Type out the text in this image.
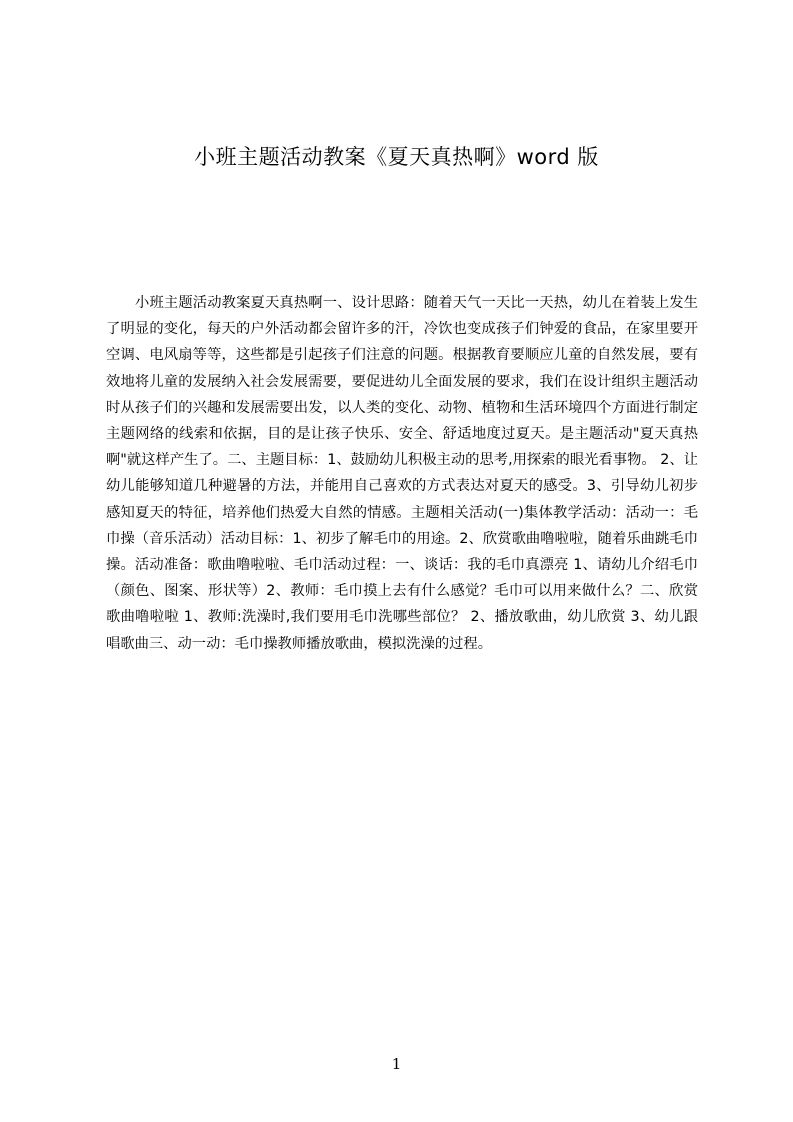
小班主题活动教案《夏天真热啊》word 版

小班主题活动教案夏天真热啊一、设计思路：随着天气一天比一天热，幼儿在着装上发生了明显的变化，每天的户外活动都会留许多的汗，冷饮也变成孩子们钟爱的食品，在家里要开空调、电风扇等等，这些都是引起孩子们注意的问题。根据教育要顺应儿童的自然发展，要有效地将儿童的发展纳入社会发展需要，要促进幼儿全面发展的要求，我们在设计组织主题活动时从孩子们的兴趣和发展需要出发，以人类的变化、动物、植物和生活环境四个方面进行制定主题网络的线索和依据，目的是让孩子快乐、安全、舒适地度过夏天。是主题活动"夏天真热啊"就这样产生了。二、主题目标：1、鼓励幼儿积极主动的思考,用探索的眼光看事物。 2、让幼儿能够知道几种避暑的方法，并能用自己喜欢的方式表达对夏天的感受。3、引导幼儿初步感知夏天的特征，培养他们热爱大自然的情感。主题相关活动(一)集体教学活动：活动一：毛巾操（音乐活动）活动目标：1、初步了解毛巾的用途。2、欣赏歌曲噜啦啦，随着乐曲跳毛巾操。活动准备：歌曲噜啦啦、毛巾活动过程：一、谈话：我的毛巾真漂亮 1、请幼儿介绍毛巾（颜色、图案、形状等）2、教师：毛巾摸上去有什么感觉？毛巾可以用来做什么？二、欣赏歌曲噜啦啦 1、教师:洗澡时,我们要用毛巾洗哪些部位？ 2、播放歌曲，幼儿欣赏 3、幼儿跟唱歌曲三、动一动：毛巾操教师播放歌曲，模拟洗澡的过程。

1
